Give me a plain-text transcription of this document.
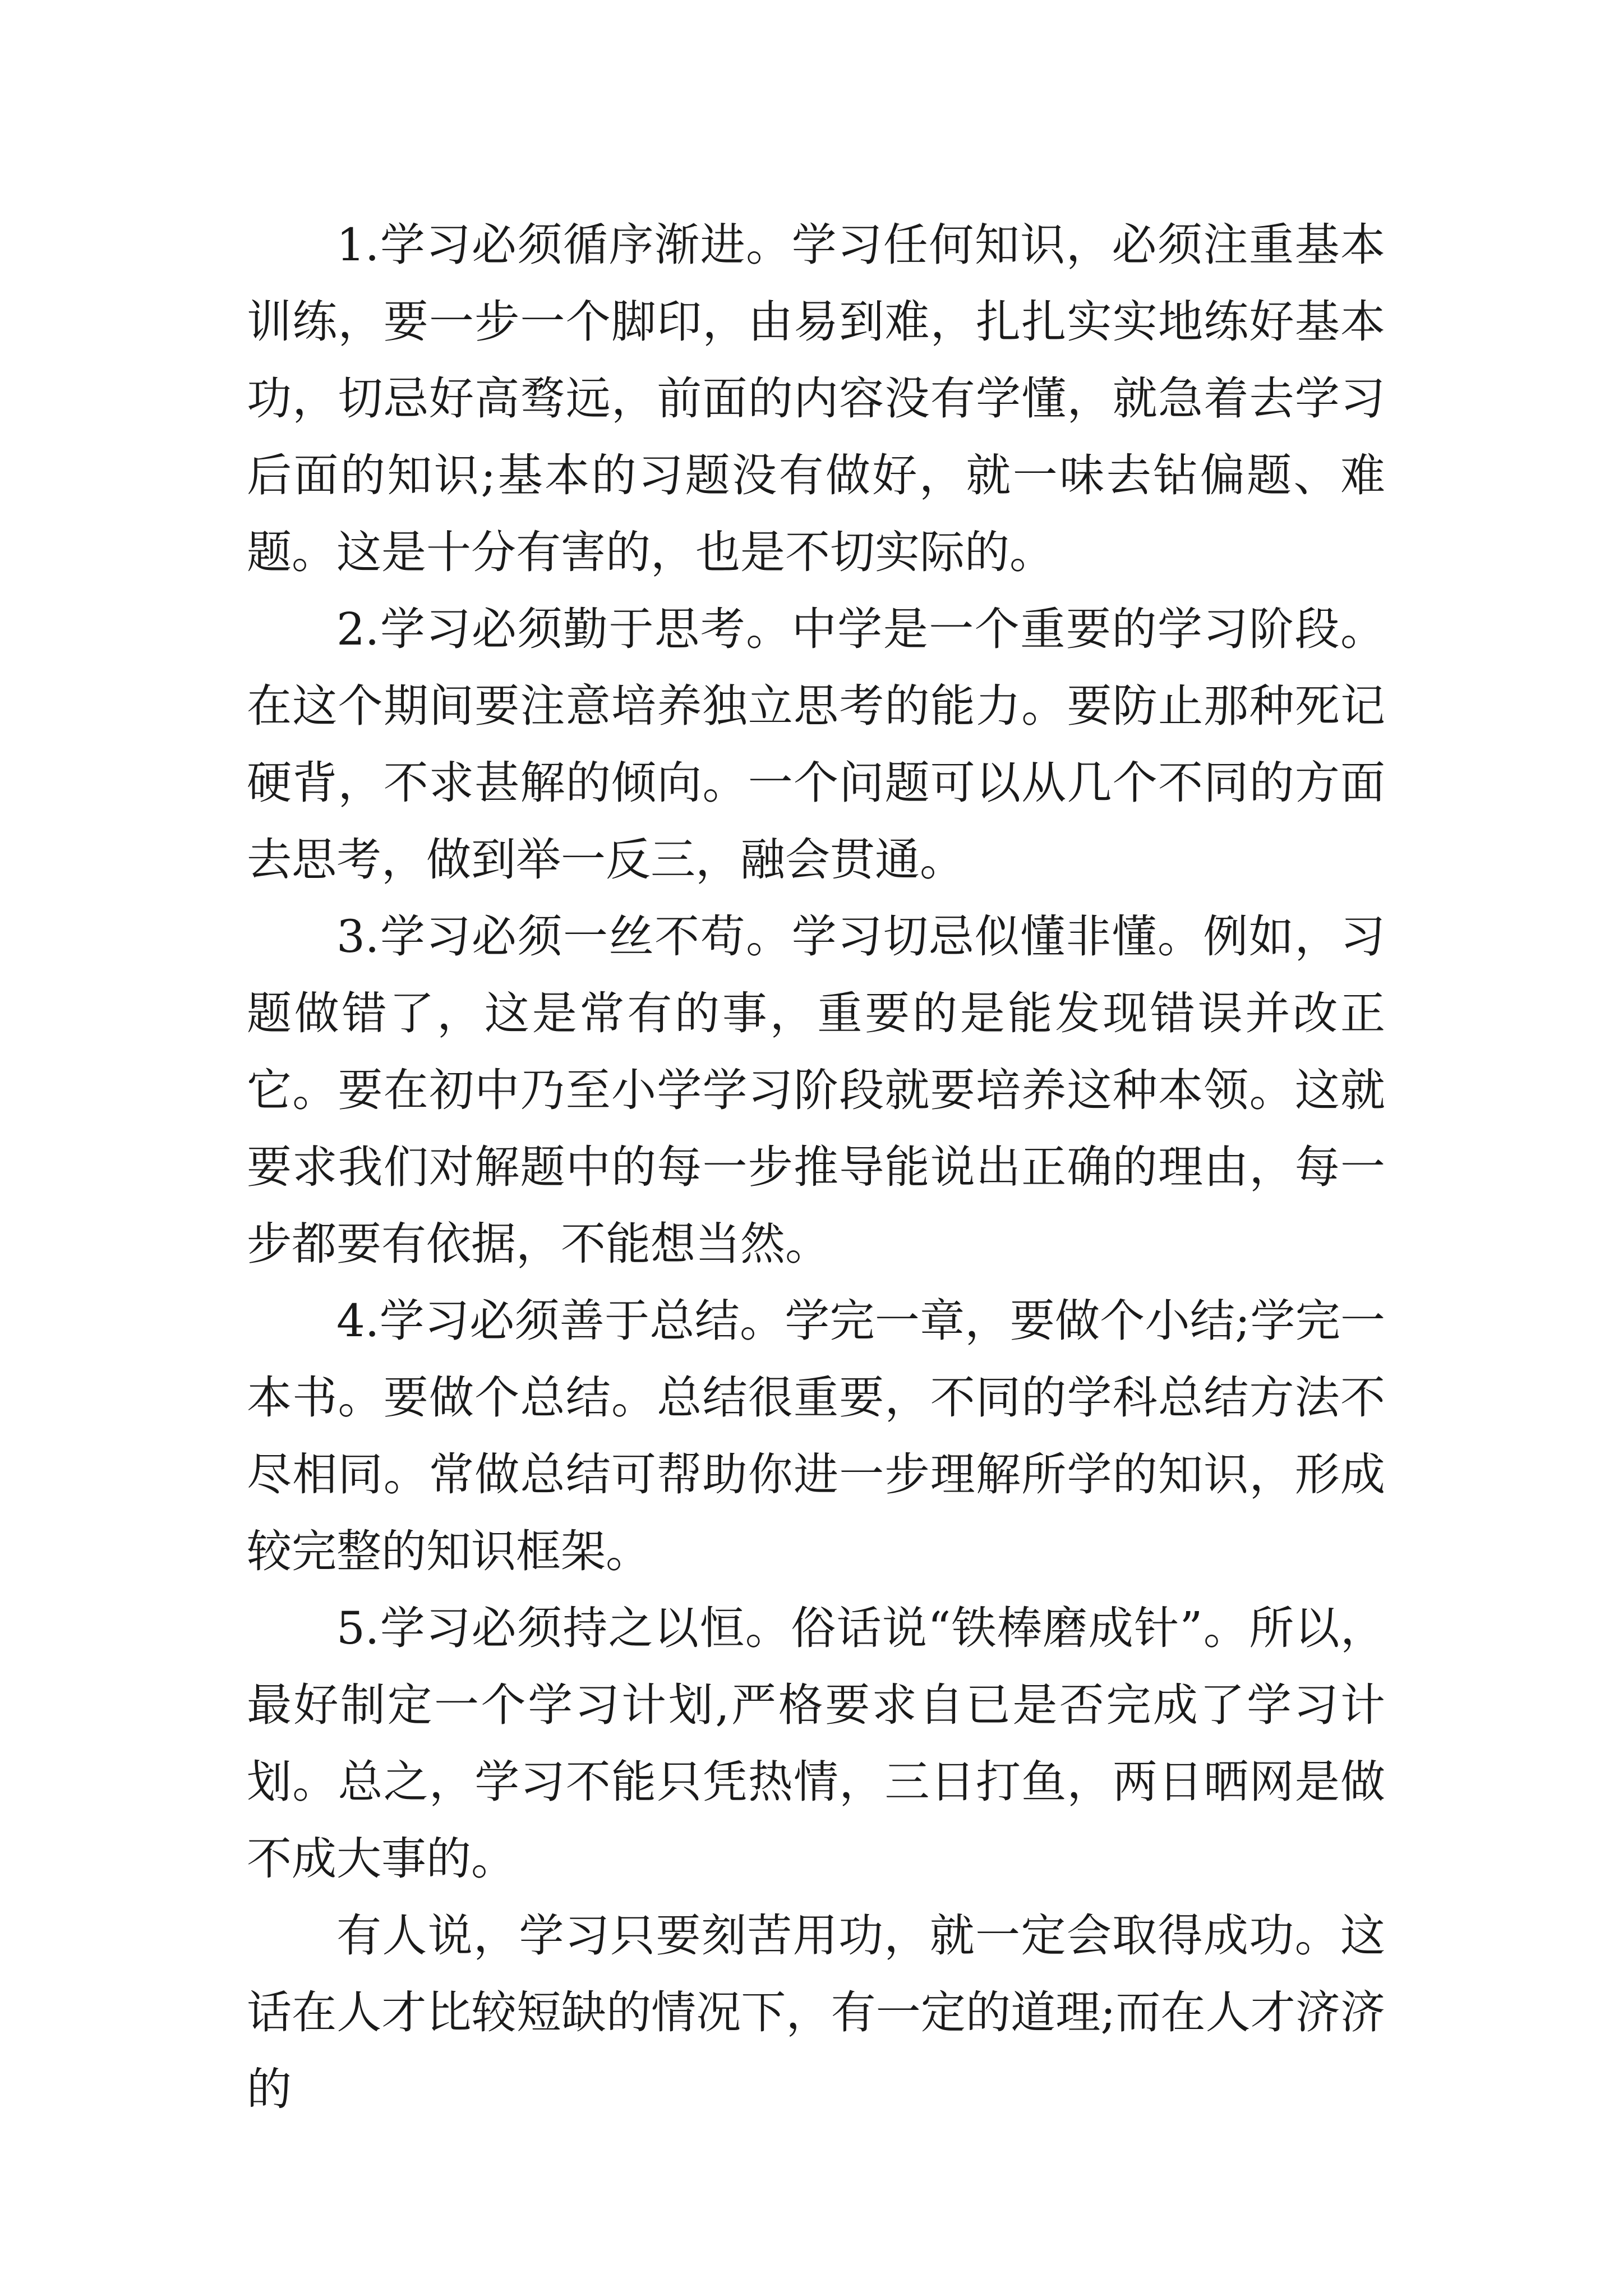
1.学习必须循序渐进。学习任何知识，必须注重基本训练，要一步一个脚印，由易到难，扎扎实实地练好基本功，切忌好高骛远，前面的内容没有学懂，就急着去学习后面的知识;基本的习题没有做好，就一味去钻偏题、难题。这是十分有害的，也是不切实际的。

2.学习必须勤于思考。中学是一个重要的学习阶段。在这个期间要注意培养独立思考的能力。要防止那种死记硬背，不求甚解的倾向。一个问题可以从几个不同的方面去思考，做到举一反三，融会贯通。

3.学习必须一丝不苟。学习切忌似懂非懂。例如，习题做错了，这是常有的事，重要的是能发现错误并改正它。要在初中乃至小学学习阶段就要培养这种本领。这就要求我们对解题中的每一步推导能说出正确的理由，每一步都要有依据，不能想当然。

4.学习必须善于总结。学完一章，要做个小结;学完一本书。要做个总结。总结很重要，不同的学科总结方法不尽相同。常做总结可帮助你进一步理解所学的知识，形成较完整的知识框架。

5.学习必须持之以恒。俗话说“铁棒磨成针”。所以，最好制定一个学习计划,严格要求自已是否完成了学习计划。总之，学习不能只凭热情，三日打鱼，两日晒网是做不成大事的。

有人说，学习只要刻苦用功，就一定会取得成功。这话在人才比较短缺的情况下，有一定的道理;而在人才济济的
